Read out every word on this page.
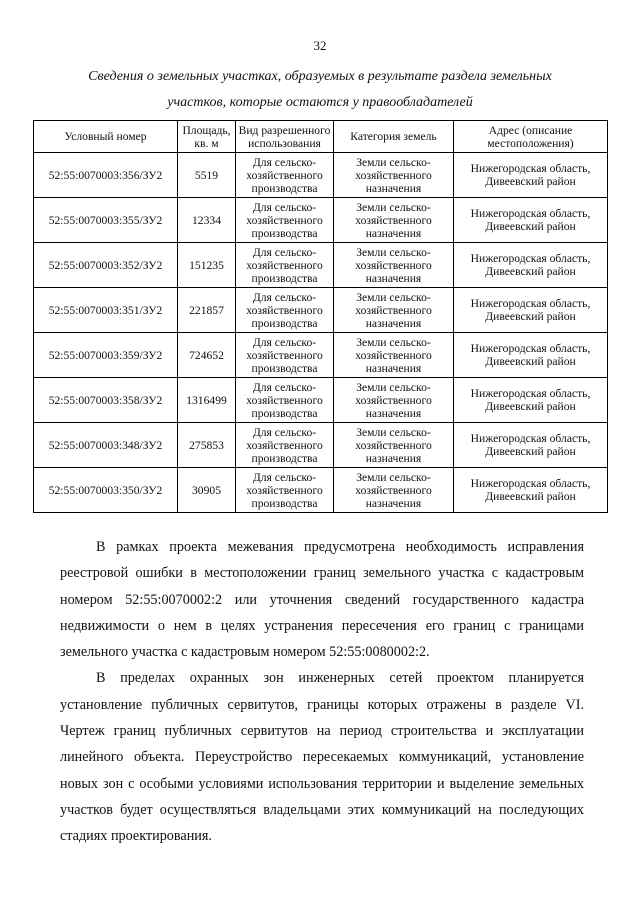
32
Сведения о земельных участках, образуемых в результате раздела земельных участков, которые остаются у правообладателей
Условный номер	Площадь, кв. м	Вид разрешенного использования	Категория земель	Адрес (описание местоположения)
52:55:0070003:356/ЗУ2	5519	Для сельско-хозяйственного производства	Земли сельско-хозяйственного назначения	Нижегородская область, Дивеевский район
52:55:0070003:355/ЗУ2	12334	Для сельско-хозяйственного производства	Земли сельско-хозяйственного назначения	Нижегородская область, Дивеевский район
52:55:0070003:352/ЗУ2	151235	Для сельско-хозяйственного производства	Земли сельско-хозяйственного назначения	Нижегородская область, Дивеевский район
52:55:0070003:351/ЗУ2	221857	Для сельско-хозяйственного производства	Земли сельско-хозяйственного назначения	Нижегородская область, Дивеевский район
52:55:0070003:359/ЗУ2	724652	Для сельско-хозяйственного производства	Земли сельско-хозяйственного назначения	Нижегородская область, Дивеевский район
52:55:0070003:358/ЗУ2	1316499	Для сельско-хозяйственного производства	Земли сельско-хозяйственного назначения	Нижегородская область, Дивеевский район
52:55:0070003:348/ЗУ2	275853	Для сельско-хозяйственного производства	Земли сельско-хозяйственного назначения	Нижегородская область, Дивеевский район
52:55:0070003:350/ЗУ2	30905	Для сельско-хозяйственного производства	Земли сельско-хозяйственного назначения	Нижегородская область, Дивеевский район

В рамках проекта межевания предусмотрена необходимость исправления реестровой ошибки в местоположении границ земельного участка с кадастровым номером 52:55:0070002:2 или уточнения сведений государственного кадастра недвижимости о нем в целях устранения пересечения его границ с границами земельного участка с кадастровым номером 52:55:0080002:2.

В пределах охранных зон инженерных сетей проектом планируется установление публичных сервитутов, границы которых отражены в разделе VI. Чертеж границ публичных сервитутов на период строительства и эксплуатации линейного объекта. Переустройство пересекаемых коммуникаций, установление новых зон с особыми условиями использования территории и выделение земельных участков будет осуществляться владельцами этих коммуникаций на последующих стадиях проектирования.
